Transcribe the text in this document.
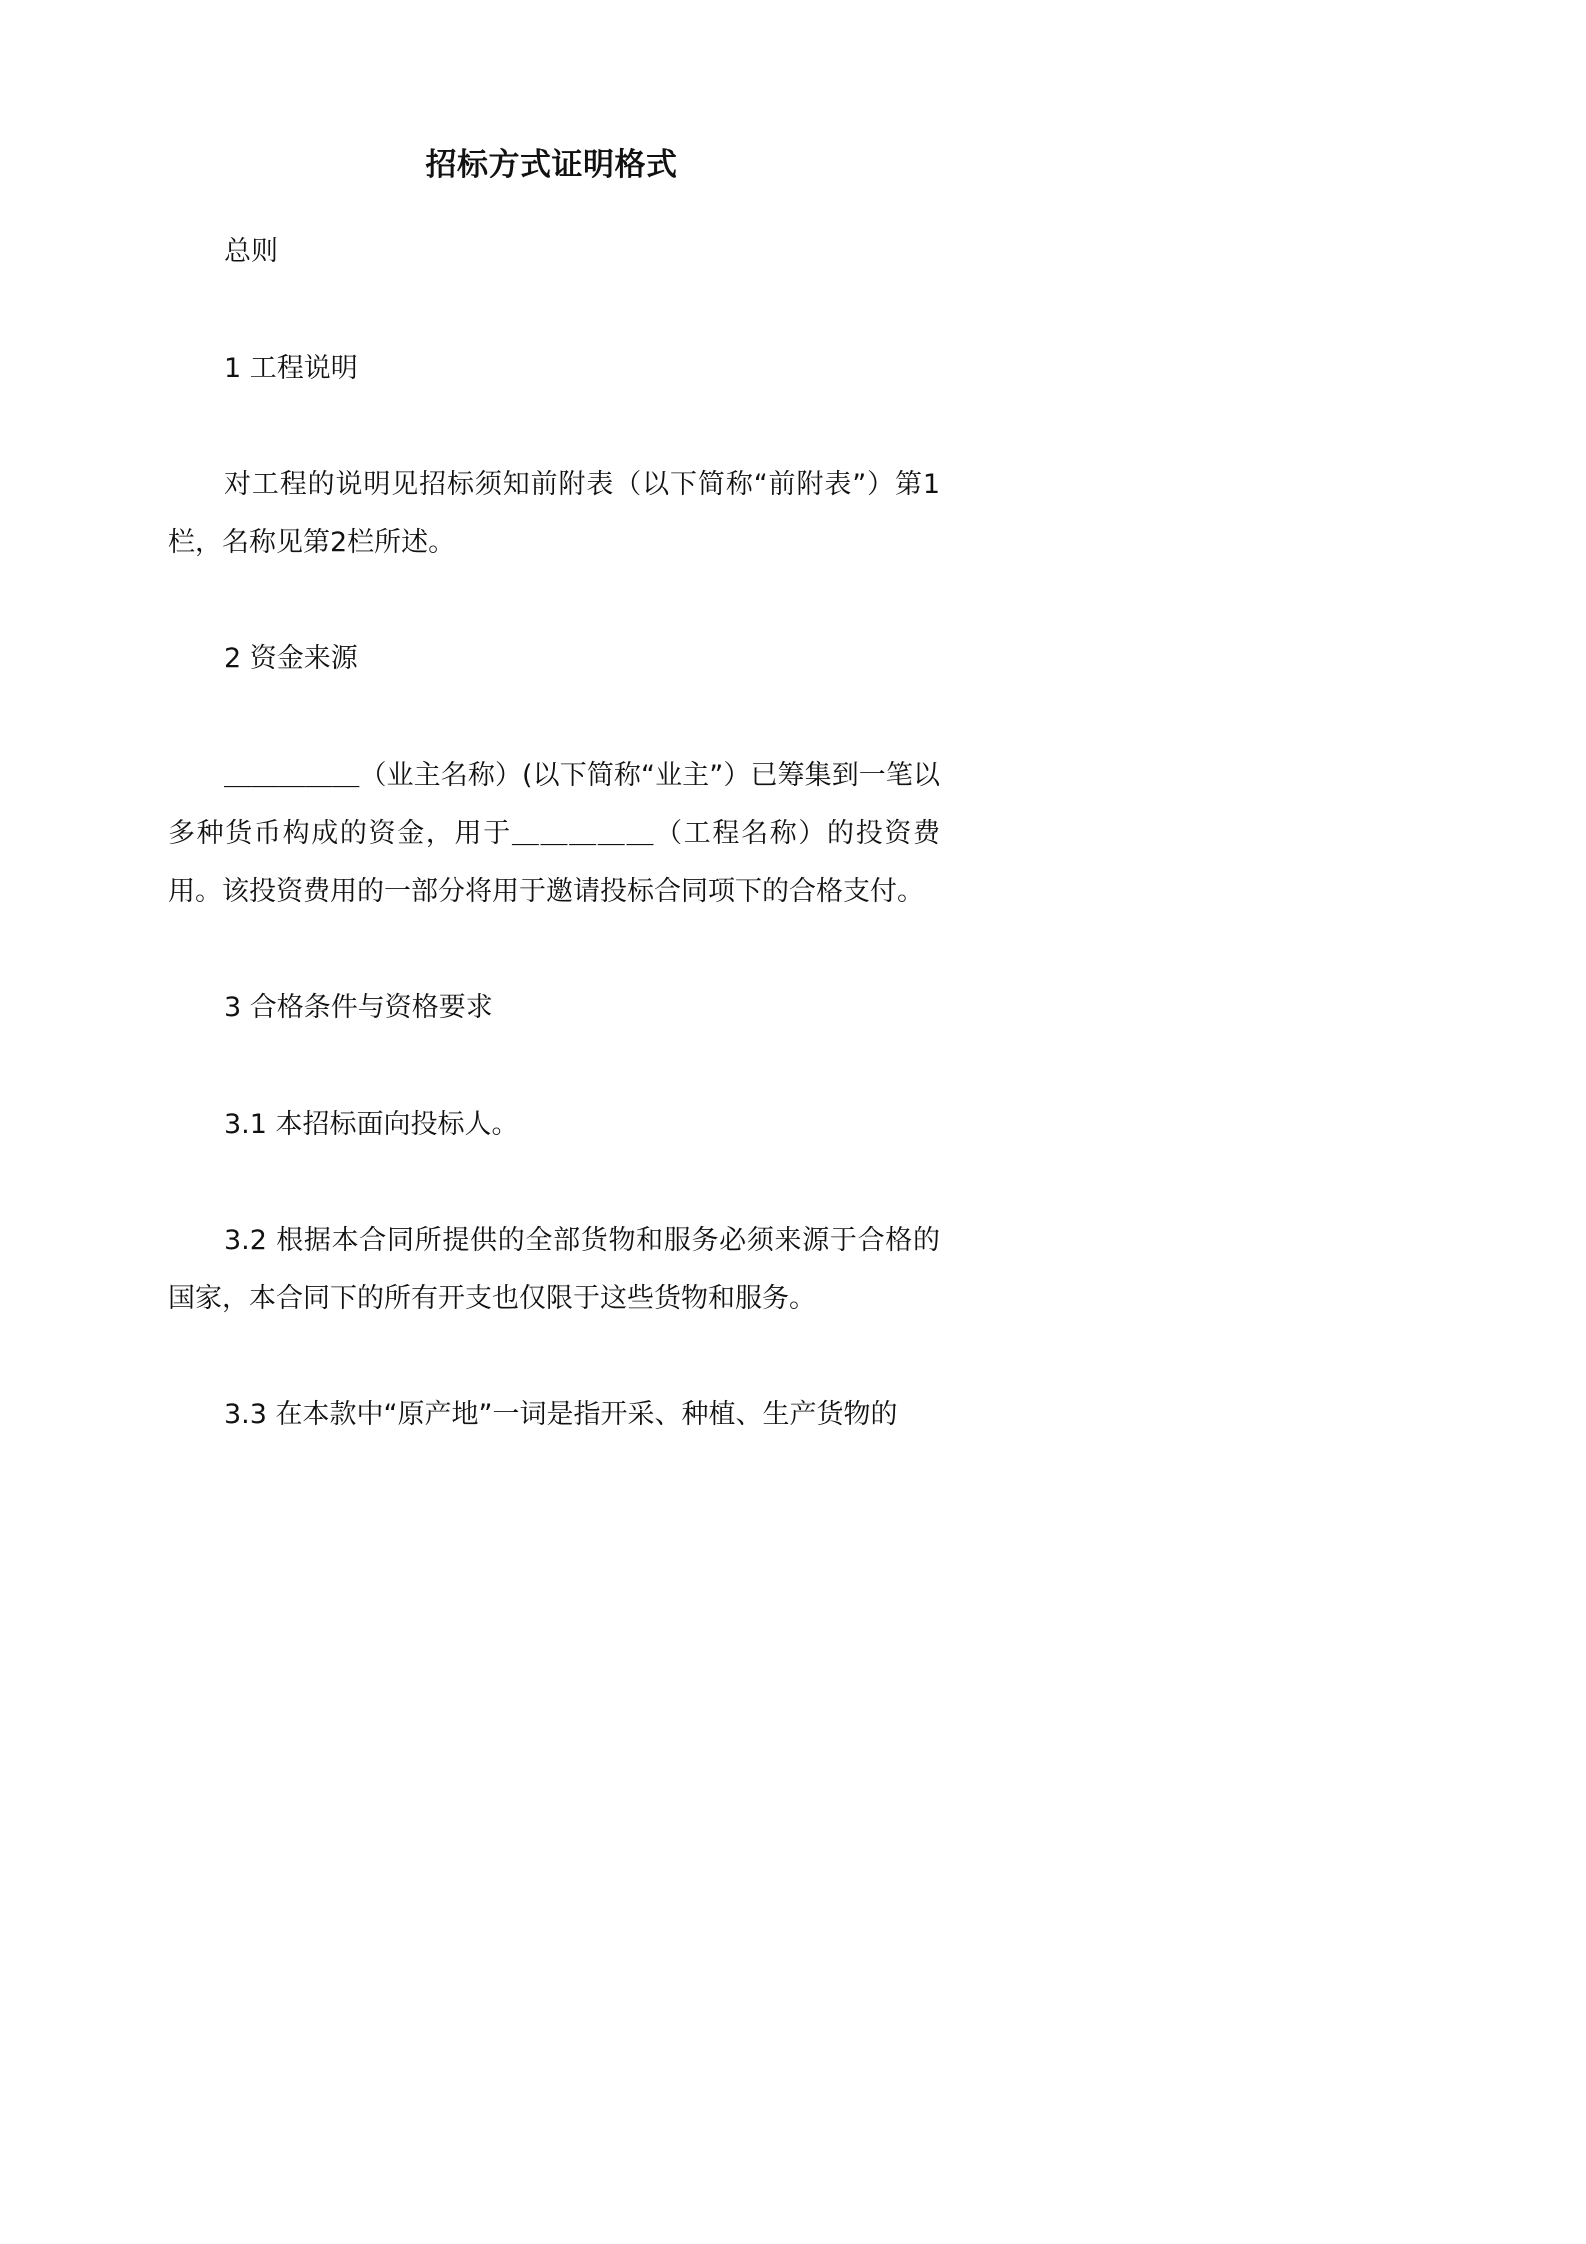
招标方式证明格式

总则

1 工程说明

对工程的说明见招标须知前附表（以下简称“前附表”）第1栏，名称见第2栏所述。

2 资金来源

＿＿＿＿＿（业主名称）(以下简称“业主”）已筹集到一笔以多种货币构成的资金，用于＿＿＿＿＿（工程名称）的投资费用。该投资费用的一部分将用于邀请投标合同项下的合格支付。

3 合格条件与资格要求

3.1 本招标面向投标人。

3.2 根据本合同所提供的全部货物和服务必须来源于合格的国家，本合同下的所有开支也仅限于这些货物和服务。

3.3 在本款中“原产地”一词是指开采、种植、生产货物的
